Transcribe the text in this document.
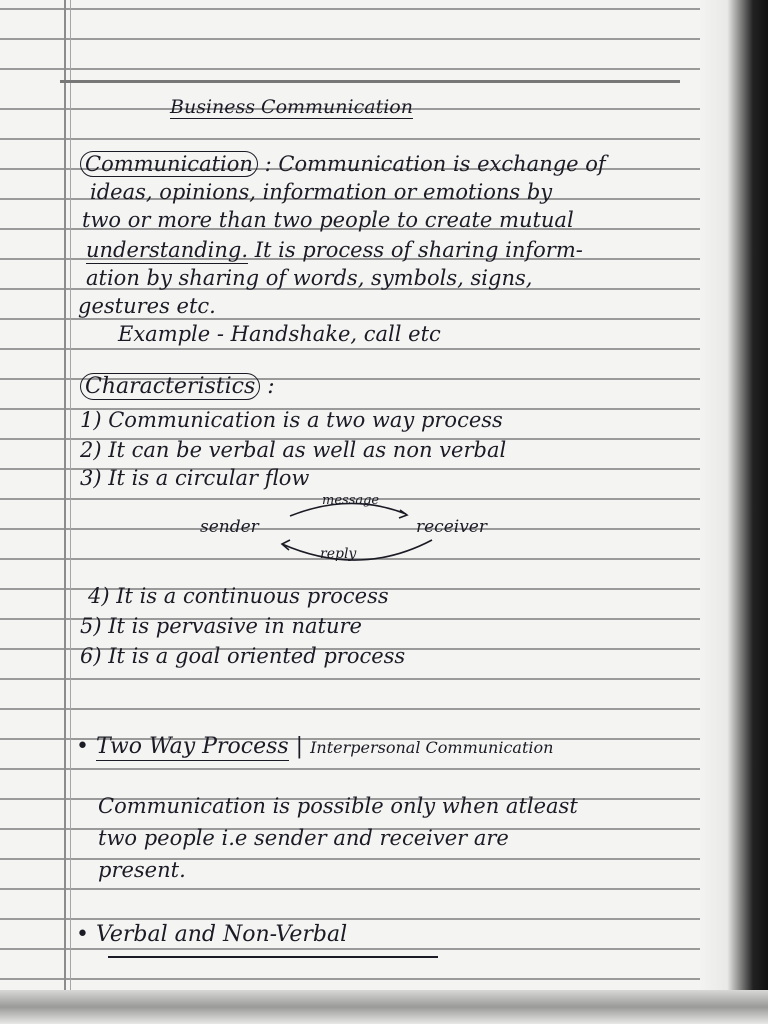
Business Communication
Communication : Communication is exchange of
ideas, opinions, information or emotions by
two or more than two people to create mutual
understanding. It is process of sharing inform-
ation by sharing of words, symbols, signs,
gestures etc.
Example - Handshake, call etc
Characteristics :
1) Communication is a two way process
2) It can be verbal as well as non verbal
3) It is a circular flow
sender	receiver
message
reply
4) It is a continuous process
5) It is pervasive in nature
6) It is a goal oriented process
• Two Way Process | Interpersonal Communication
Communication is possible only when atleast
two people i.e sender and receiver are
present.
• Verbal and Non-Verbal
